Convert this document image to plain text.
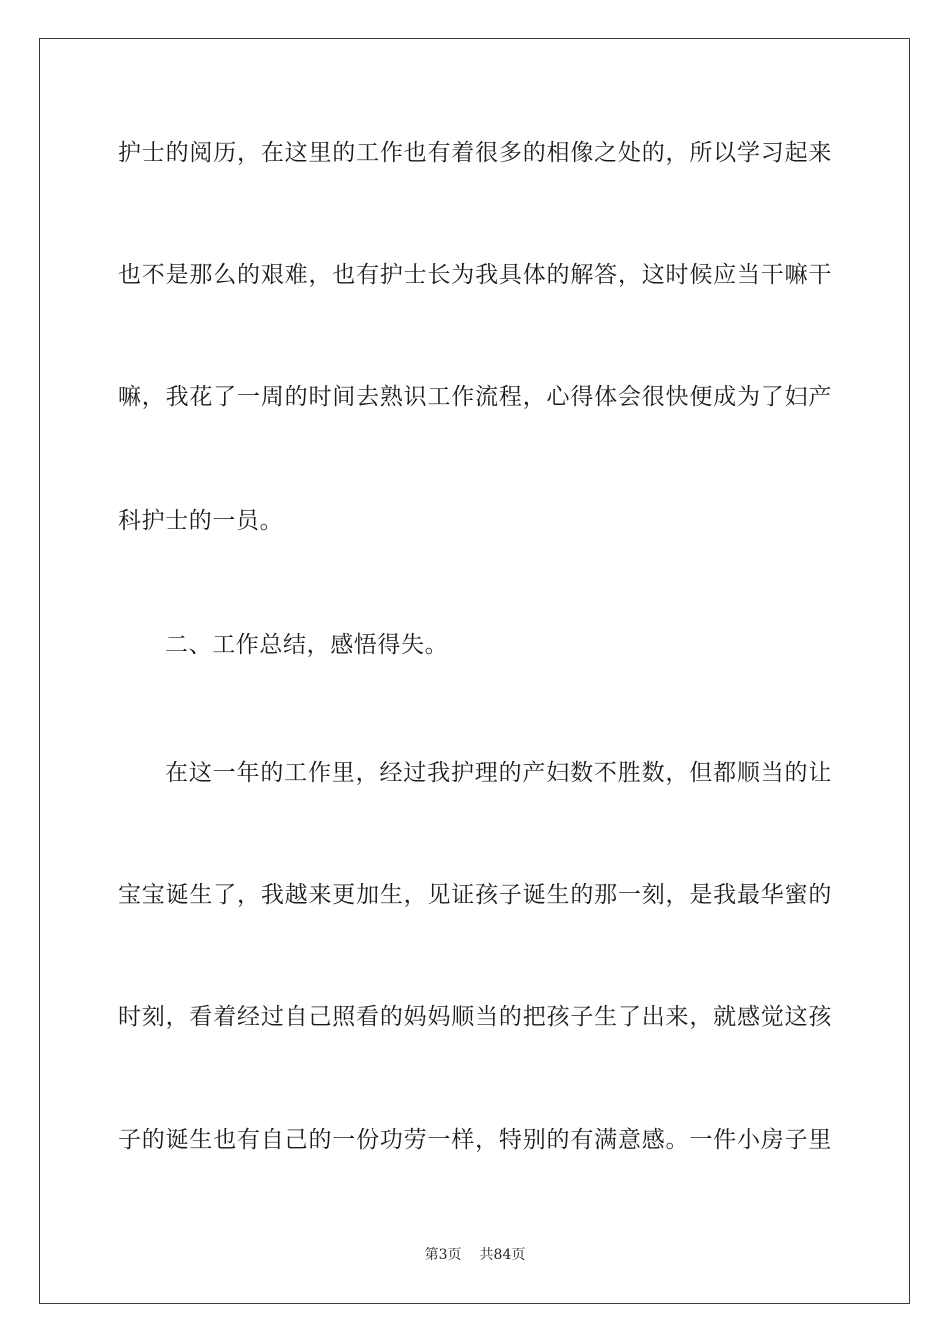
护士的阅历，在这里的工作也有着很多的相像之处的，所以学习起来
也不是那么的艰难，也有护士长为我具体的解答，这时候应当干嘛干
嘛，我花了一周的时间去熟识工作流程，心得体会很快便成为了妇产
科护士的一员。
二、工作总结，感悟得失。
在这一年的工作里，经过我护理的产妇数不胜数，但都顺当的让
宝宝诞生了，我越来更加生，见证孩子诞生的那一刻，是我最华蜜的
时刻，看着经过自己照看的妈妈顺当的把孩子生了出来，就感觉这孩
子的诞生也有自己的一份功劳一样，特别的有满意感。一件小房子里
第3页 共84页
